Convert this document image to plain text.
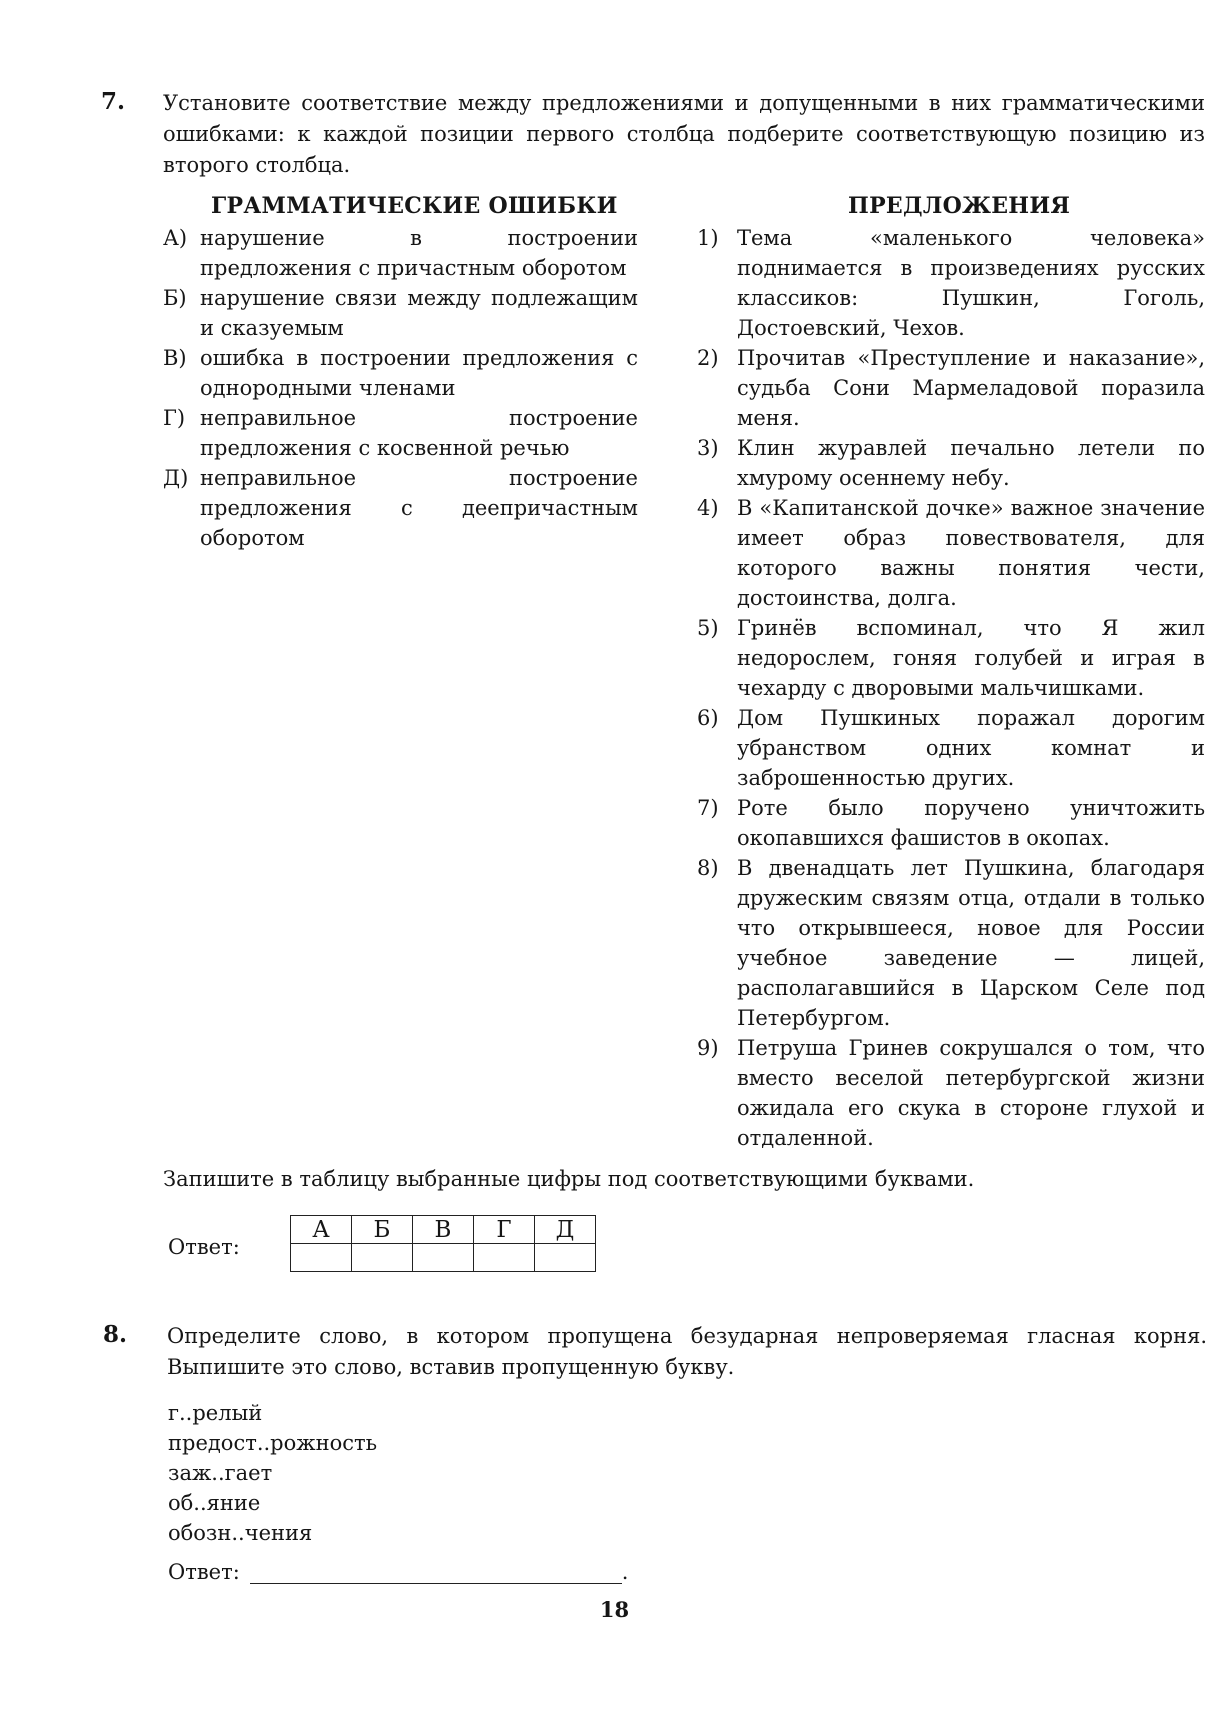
7. Установите соответствие между предложениями и допущенными в них грамматическими ошибками: к каждой позиции первого столбца подберите соответствующую позицию из второго столбца.
ГРАММАТИЧЕСКИЕ ОШИБКИ	ПРЕДЛОЖЕНИЯ
А) нарушение в построении предложения с причастным оборотом
Б) нарушение связи между подлежащим и сказуемым
В) ошибка в построении предложения с однородными членами
Г) неправильное построение предложения с косвенной речью
Д) неправильное построение предложения с деепричастным оборотом
1) Тема «маленького человека» поднимается в произведениях русских классиков: Пушкин, Гоголь, Достоевский, Чехов.
2) Прочитав «Преступление и наказание», судьба Сони Мармеладовой поразила меня.
3) Клин журавлей печально летели по хмурому осеннему небу.
4) В «Капитанской дочке» важное значение имеет образ повествователя, для которого важны понятия чести, достоинства, долга.
5) Гринёв вспоминал, что Я жил недорослем, гоняя голубей и играя в чехарду с дворовыми мальчишками.
6) Дом Пушкиных поражал дорогим убранством одних комнат и заброшенностью других.
7) Роте было поручено уничтожить окопавшихся фашистов в окопах.
8) В двенадцать лет Пушкина, благодаря дружеским связям отца, отдали в только что открывшееся, новое для России учебное заведение — лицей, располагавшийся в Царском Селе под Петербургом.
9) Петруша Гринев сокрушался о том, что вместо веселой петербургской жизни ожидала его скука в стороне глухой и отдаленной.
Запишите в таблицу выбранные цифры под соответствующими буквами.
Ответ:
А	Б	В	Г	Д

8. Определите слово, в котором пропущена безударная непроверяемая гласная корня. Выпишите это слово, вставив пропущенную букву.
г..релый
предост..рожность
заж..гает
об..яние
обозн..чения
Ответ:	.
18
